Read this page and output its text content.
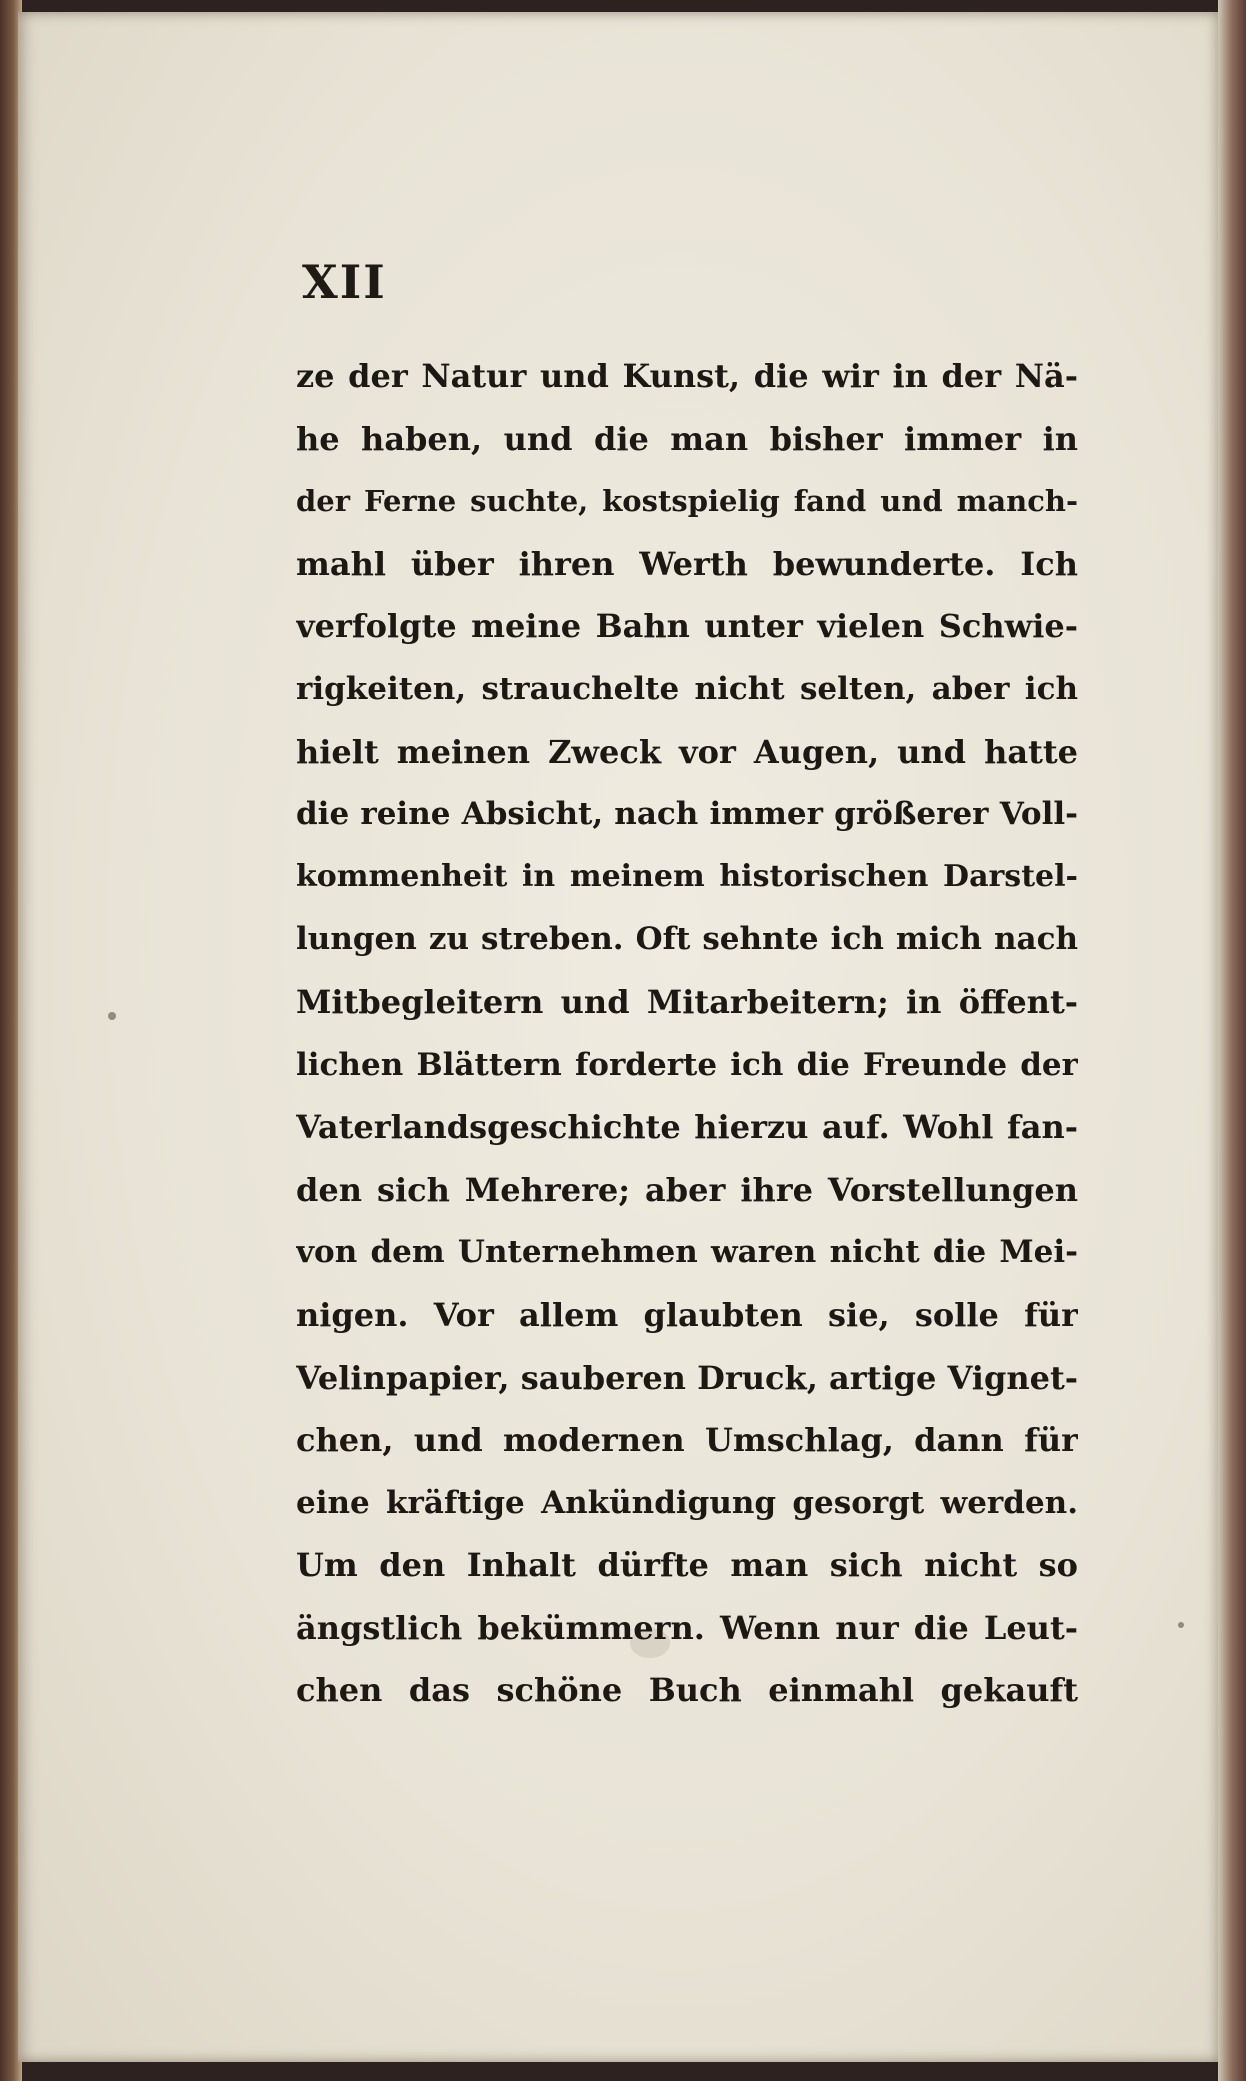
XII
ze der Natur und Kunst, die wir in der Nä-
he haben, und die man bisher immer in
der Ferne suchte, kostspielig fand und manch-
mahl über ihren Werth bewunderte. Ich
verfolgte meine Bahn unter vielen Schwie-
rigkeiten, strauchelte nicht selten, aber ich
hielt meinen Zweck vor Augen, und hatte
die reine Absicht, nach immer größerer Voll-
kommenheit in meinem historischen Darstel-
lungen zu streben. Oft sehnte ich mich nach
Mitbegleitern und Mitarbeitern; in öffent-
lichen Blättern forderte ich die Freunde der
Vaterlandsgeschichte hierzu auf. Wohl fan-
den sich Mehrere; aber ihre Vorstellungen
von dem Unternehmen waren nicht die Mei-
nigen. Vor allem glaubten sie, solle für
Velinpapier, sauberen Druck, artige Vignet-
chen, und modernen Umschlag, dann für
eine kräftige Ankündigung gesorgt werden.
Um den Inhalt dürfte man sich nicht so
ängstlich bekümmern. Wenn nur die Leut-
chen das schöne Buch einmahl gekauft
